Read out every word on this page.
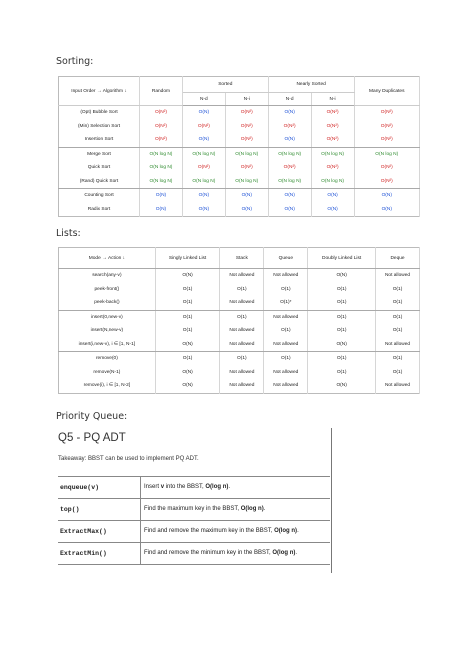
Sorting:
Input Order → Algorithm ↓	Random	Sorted		Nearly Sorted		Many Duplicates
		N-d	N-i	N-d	N-i	
(Opt) Bubble Sort	O(N²)	O(N)	O(N²)	O(N)	O(N²)	O(N²)
(Min) Selection Sort	O(N²)	O(N²)	O(N²)	O(N²)	O(N²)	O(N²)
Insertion Sort	O(N²)	O(N)	O(N²)	O(N)	O(N²)	O(N²)
Merge Sort	O(N log N)	O(N log N)	O(N log N)	O(N log N)	O(N log N)	O(N log N)
Quick Sort	O(N log N)	O(N²)	O(N²)	O(N²)	O(N²)	O(N²)
(Rand) Quick Sort	O(N log N)	O(N log N)	O(N log N)	O(N log N)	O(N log N)	O(N²)
Counting Sort	O(N)	O(N)	O(N)	O(N)	O(N)	O(N)
Radix Sort	O(N)	O(N)	O(N)	O(N)	O(N)	O(N)
Lists:
Mode → Action ↓	Singly Linked List	Stack	Queue	Doubly Linked List	Deque
search(any-v)	O(N)	Not allowed	Not allowed	O(N)	Not allowed
peek-front()	O(1)	O(1)	O(1)	O(1)	O(1)
peek-back()	O(1)	Not allowed	O(1)*	O(1)	O(1)
insert(0,new-v)	O(1)	O(1)	Not allowed	O(1)	O(1)
insert(N,new-v)	O(1)	Not allowed	O(1)	O(1)	O(1)
insert(i,new-v), i ∈ [1, N-1]	O(N)	Not allowed	Not allowed	O(N)	Not allowed
remove(0)	O(1)	O(1)	O(1)	O(1)	O(1)
remove(N-1)	O(N)	Not allowed	Not allowed	O(1)	O(1)
remove(i), i ∈ [1, N-2]	O(N)	Not allowed	Not allowed	O(N)	Not allowed
Priority Queue:
Q5 - PQ ADT
Takeaway: BBST can be used to implement PQ ADT.
enqueue(v)	Insert v into the BBST, O(log n).
top()	Find the maximum key in the BBST, O(log n).
ExtractMax()	Find and remove the maximum key in the BBST, O(log n).
ExtractMin()	Find and remove the minimum key in the BBST, O(log n).
